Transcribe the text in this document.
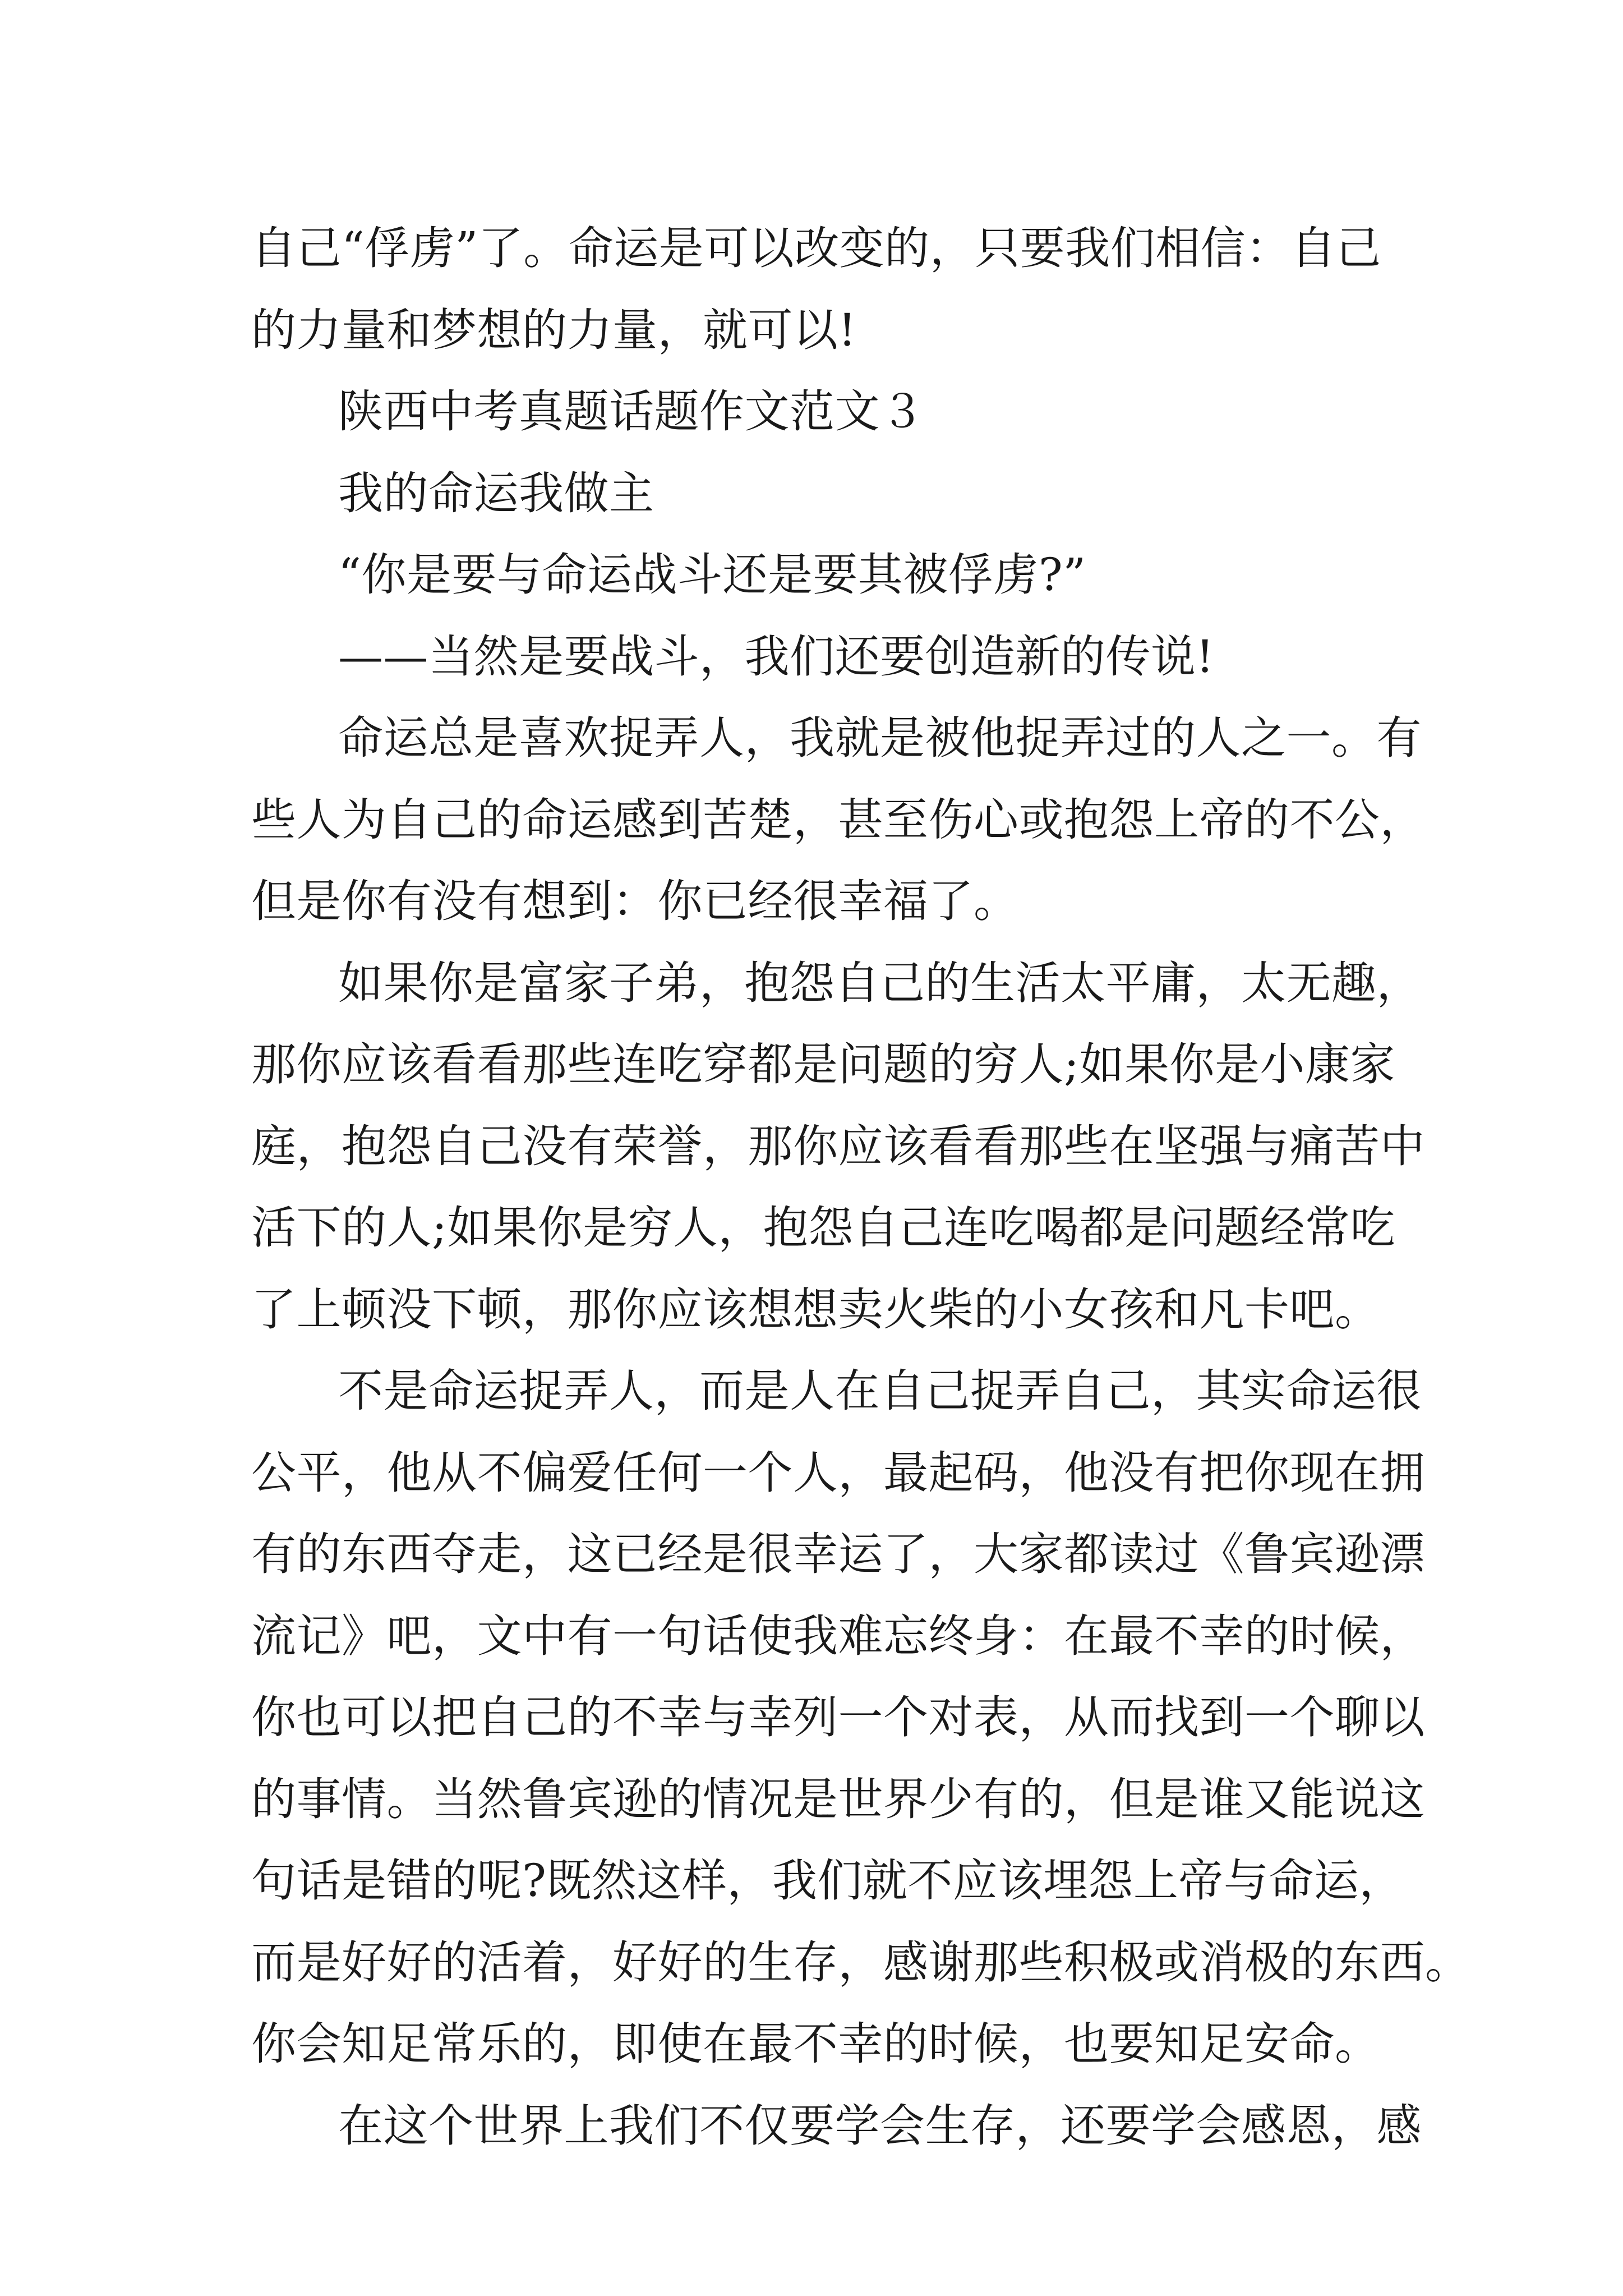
自己“俘虏”了。命运是可以改变的，只要我们相信：自己

的力量和梦想的力量，就可以!

陕西中考真题话题作文范文３

我的命运我做主

“你是要与命运战斗还是要其被俘虏?”

——当然是要战斗，我们还要创造新的传说!

命运总是喜欢捉弄人，我就是被他捉弄过的人之一。有

些人为自己的命运感到苦楚，甚至伤心或抱怨上帝的不公，

但是你有没有想到：你已经很幸福了。

如果你是富家子弟，抱怨自己的生活太平庸，太无趣，

那你应该看看那些连吃穿都是问题的穷人;如果你是小康家

庭，抱怨自己没有荣誉，那你应该看看那些在坚强与痛苦中

活下的人;如果你是穷人，抱怨自己连吃喝都是问题经常吃

了上顿没下顿，那你应该想想卖火柴的小女孩和凡卡吧。

不是命运捉弄人，而是人在自己捉弄自己，其实命运很

公平，他从不偏爱任何一个人，最起码，他没有把你现在拥

有的东西夺走，这已经是很幸运了，大家都读过《鲁宾逊漂

流记》吧，文中有一句话使我难忘终身：在最不幸的时候，

你也可以把自己的不幸与幸列一个对表，从而找到一个聊以

的事情。当然鲁宾逊的情况是世界少有的，但是谁又能说这

句话是错的呢?既然这样，我们就不应该埋怨上帝与命运，

而是好好的活着，好好的生存，感谢那些积极或消极的东西。

你会知足常乐的，即使在最不幸的时候，也要知足安命。

在这个世界上我们不仅要学会生存，还要学会感恩，感
